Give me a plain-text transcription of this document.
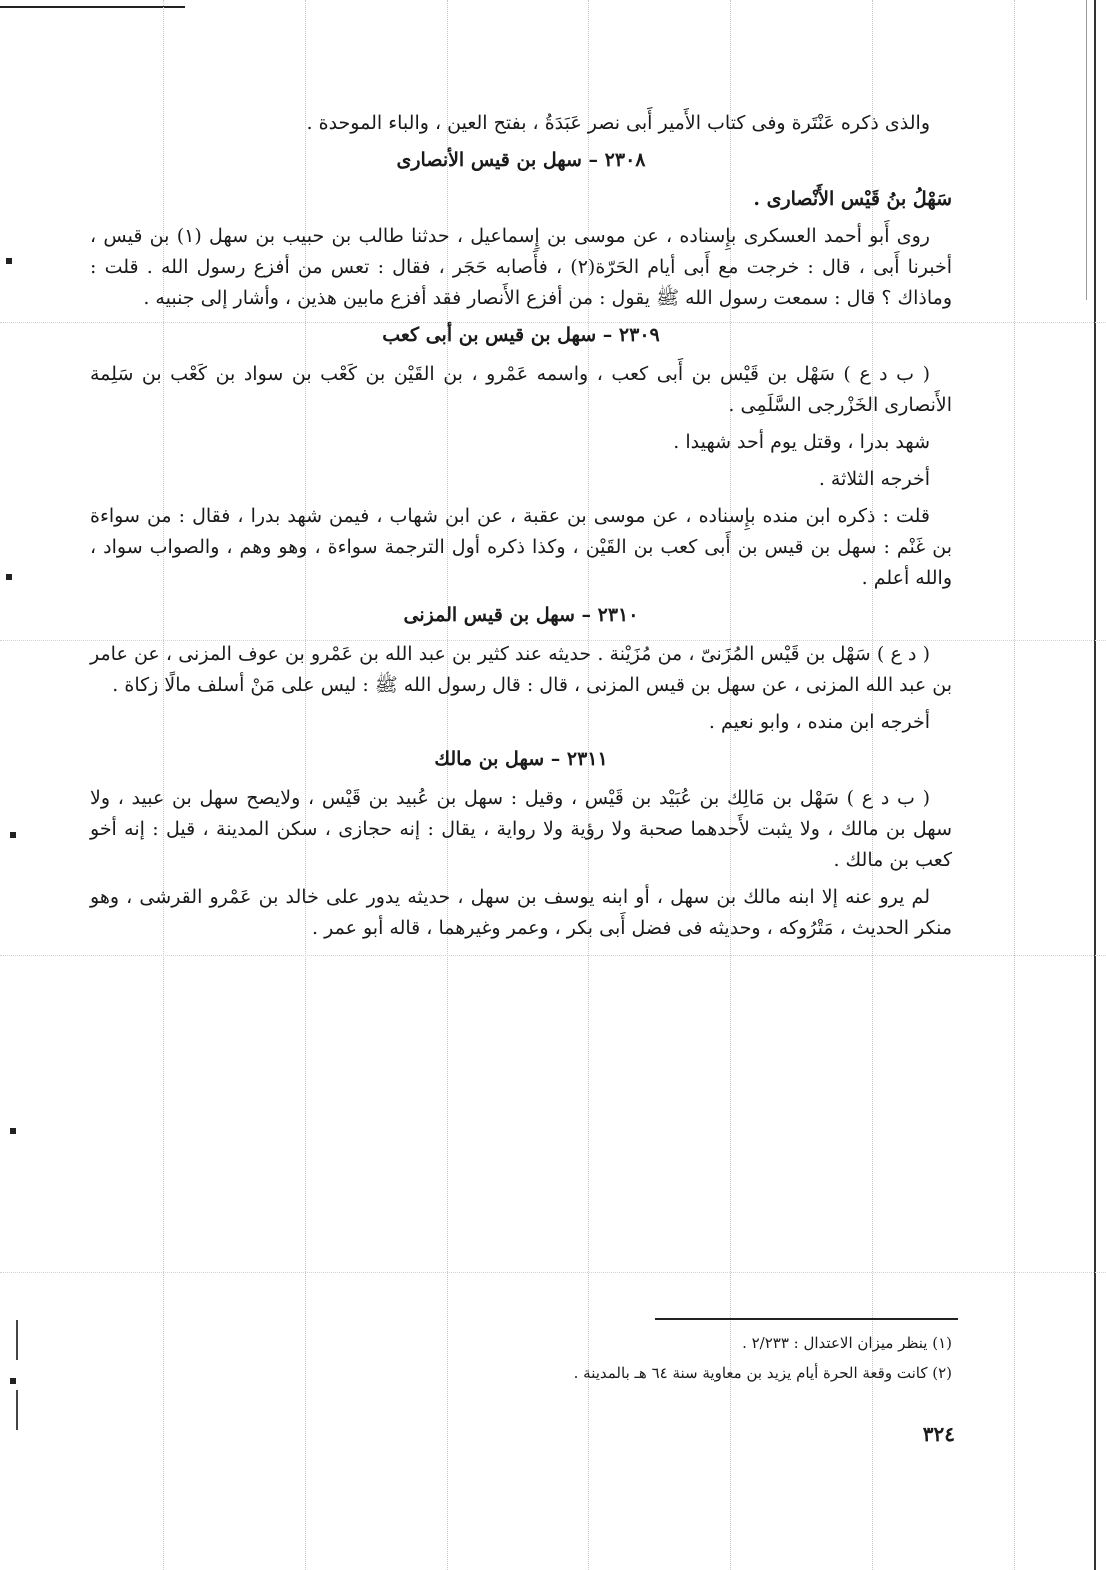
والذى ذكره عَنْتَرة وفى كتاب الأَمير أَبى نصر عَبَدَةُ ، بفتح العين ، والباء الموحدة .

٢٣٠٨ – سهل بن قيس الأنصارى

سَهْلُ بنُ قَيْس الأَنْصارى .

روى أَبو أحمد العسكرى بإِسناده ، عن موسى بن إِسماعيل ، حدثنا طالب بن حبيب بن سهل (١) بن قيس ، أخبرنا أَبى ، قال : خرجت مع أَبى أيام الحَرّة(٢) ، فأَصابه حَجَر ، فقال : تعس من أفزع رسول الله . قلت : وماذاك ؟ قال : سمعت رسول الله ﷺ يقول : من أفزع الأَنصار فقد أفزع مابين هذين ، وأشار إلى جنبيه .

٢٣٠٩ – سهل بن قيس بن أبى كعب

( ب د ع ) سَهْل بن قَيْس بن أَبى كعب ، واسمه عَمْرو ، بن القَيْن بن كَعْب بن سواد بن كَعْب بن سَلِمة الأَنصارى الخَزْرجى السَّلَمِى .

شهد بدرا ، وقتل يوم أحد شهيدا .

أخرجه الثلاثة .

قلت : ذكره ابن منده بإِسناده ، عن موسى بن عقبة ، عن ابن شهاب ، فيمن شهد بدرا ، فقال : من سواءة بن غَنْم : سهل بن قيس بن أَبى كعب بن القَيْن ، وكذا ذكره أول الترجمة سواءة ، وهو وهم ، والصواب سواد ، والله أعلم .

٢٣١٠ – سهل بن قيس المزنى

( د ع ) سَهْل بن قَيْس المُزَنىّ ، من مُزَيْنة . حديثه عند كثير بن عبد الله بن عَمْرو بن عوف المزنى ، عن عامر بن عبد الله المزنى ، عن سهل بن قيس المزنى ، قال : قال رسول الله ﷺ : ليس على مَنْ أسلف مالًا زكاة .

أخرجه ابن منده ، وابو نعيم .

٢٣١١ – سهل بن مالك

( ب د ع ) سَهْل بن مَالِك بن عُبَيْد بن قَيْس ، وقيل : سهل بن عُبيد بن قَيْس ، ولايصح سهل بن عبيد ، ولا سهل بن مالك ، ولا يثبت لأَحدهما صحبة ولا رؤية ولا رواية ، يقال : إنه حجازى ، سكن المدينة ، قيل : إنه أخو كعب بن مالك .

لم يرو عنه إلا ابنه مالك بن سهل ، أو ابنه يوسف بن سهل ، حديثه يدور على خالد بن عَمْرو القرشى ، وهو منكر الحديث ، مَتْرُوكه ، وحديثه فى فضل أَبى بكر ، وعمر وغيرهما ، قاله أبو عمر .

(١) ينظر ميزان الاعتدال : ٢/٢٣٣ .

(٢) كانت وقعة الحرة أيام يزيد بن معاوية سنة ٦٤ هـ بالمدينة .

٣٢٤
